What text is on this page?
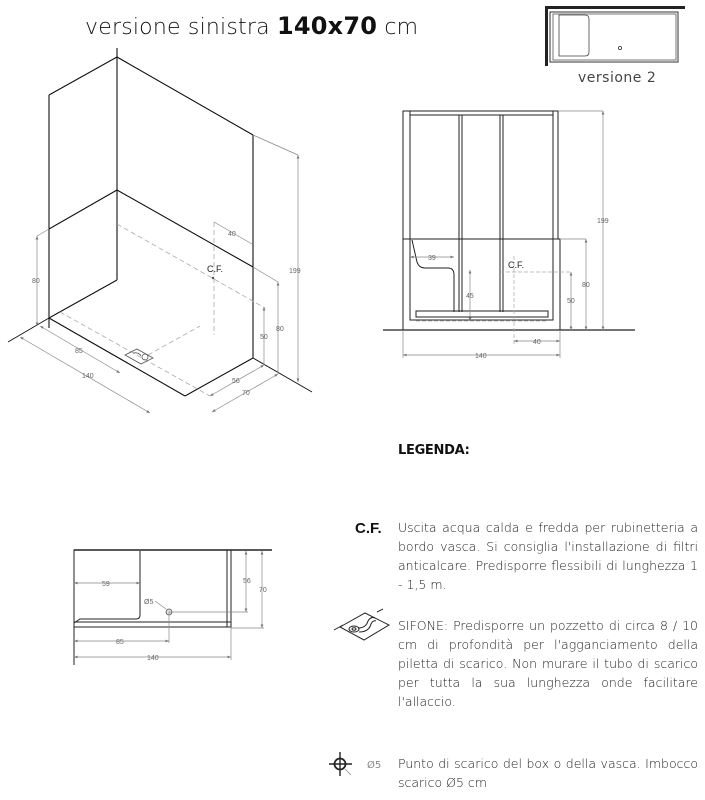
versione sinistra 140x70 cm
versione 2
C.F.
40
80
199
80
50
85
140
56
70
C.F.
39
45
50
80
199
40
140
59
Ø5
56
70
85
140
LEGENDA:
C.F. Uscita acqua calda e fredda per rubinetteria a bordo vasca. Si consiglia l'installazione di filtri anticalcare. Predisporre flessibili di lunghezza 1 - 1,5 m.
SIFONE: Predisporre un pozzetto di circa 8 / 10 cm di profondità per l'agganciamento della piletta di scarico. Non murare il tubo di scarico per tutta la sua lunghezza onde facilitare l'allaccio.
Ø5 Punto di scarico del box o della vasca. Imbocco scarico Ø5 cm
